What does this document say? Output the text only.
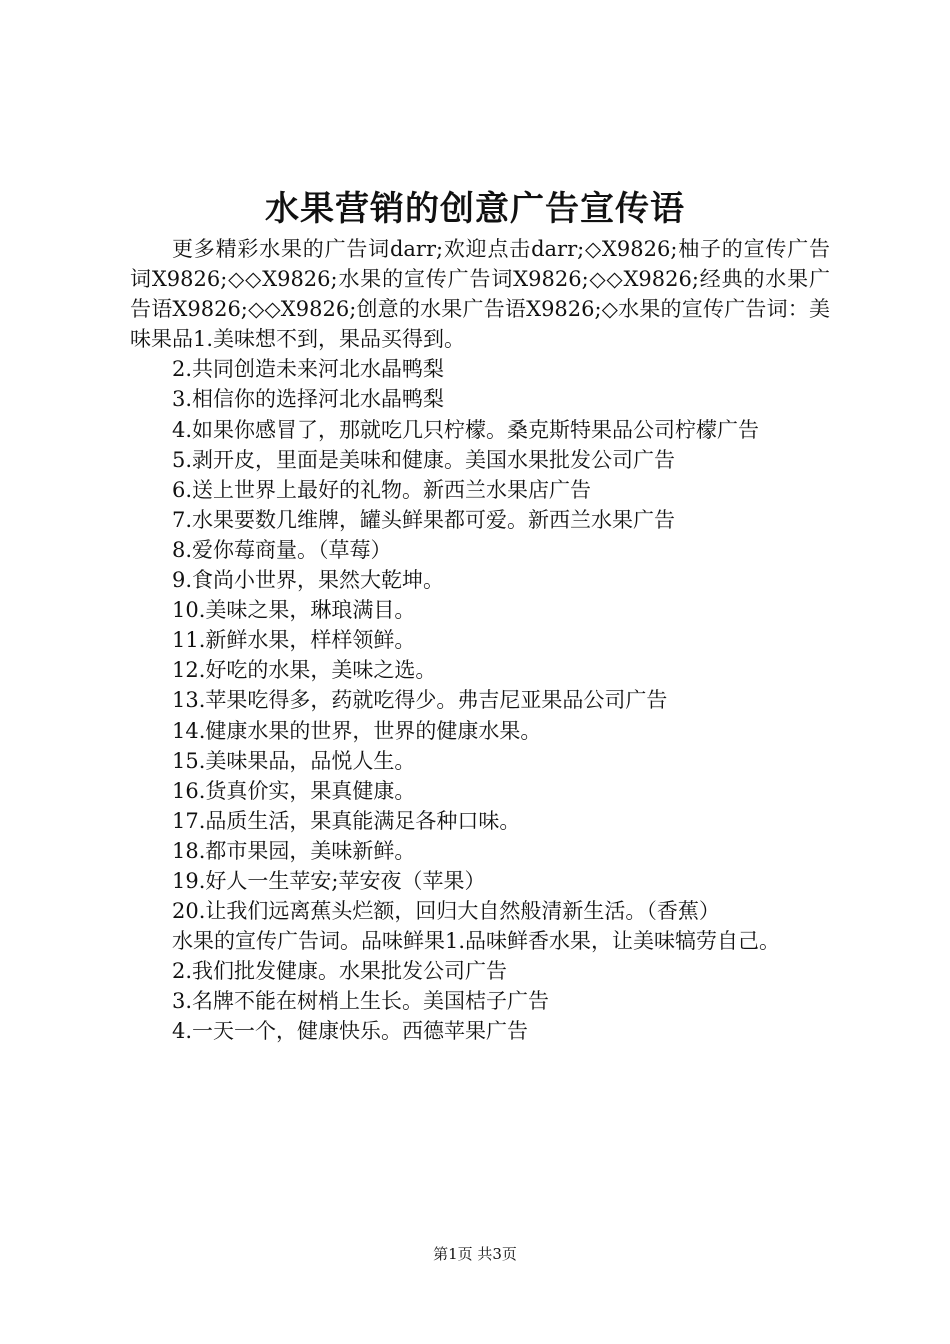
水果营销的创意广告宣传语

更多精彩水果的广告词darr;欢迎点击darr;◇X9826;柚子的宣传广告词X9826;◇◇X9826;水果的宣传广告词X9826;◇◇X9826;经典的水果广告语X9826;◇◇X9826;创意的水果广告语X9826;◇水果的宣传广告词：美味果品1.美味想不到，果品买得到。

2.共同创造未来河北水晶鸭梨

3.相信你的选择河北水晶鸭梨

4.如果你感冒了，那就吃几只柠檬。桑克斯特果品公司柠檬广告

5.剥开皮，里面是美味和健康。美国水果批发公司广告

6.送上世界上最好的礼物。新西兰水果店广告

7.水果要数几维牌，罐头鲜果都可爱。新西兰水果广告

8.爱你莓商量。（草莓）

9.食尚小世界，果然大乾坤。

10.美味之果，琳琅满目。

11.新鲜水果，样样领鲜。

12.好吃的水果，美味之选。

13.苹果吃得多，药就吃得少。弗吉尼亚果品公司广告

14.健康水果的世界，世界的健康水果。

15.美味果品，品悦人生。

16.货真价实，果真健康。

17.品质生活，果真能满足各种口味。

18.都市果园，美味新鲜。

19.好人一生苹安;苹安夜（苹果）

20.让我们远离蕉头烂额，回归大自然般清新生活。（香蕉）

水果的宣传广告词。品味鲜果1.品味鲜香水果，让美味犒劳自己。

2.我们批发健康。水果批发公司广告

3.名牌不能在树梢上生长。美国桔子广告

4.一天一个，健康快乐。西德苹果广告

第1页 共3页
